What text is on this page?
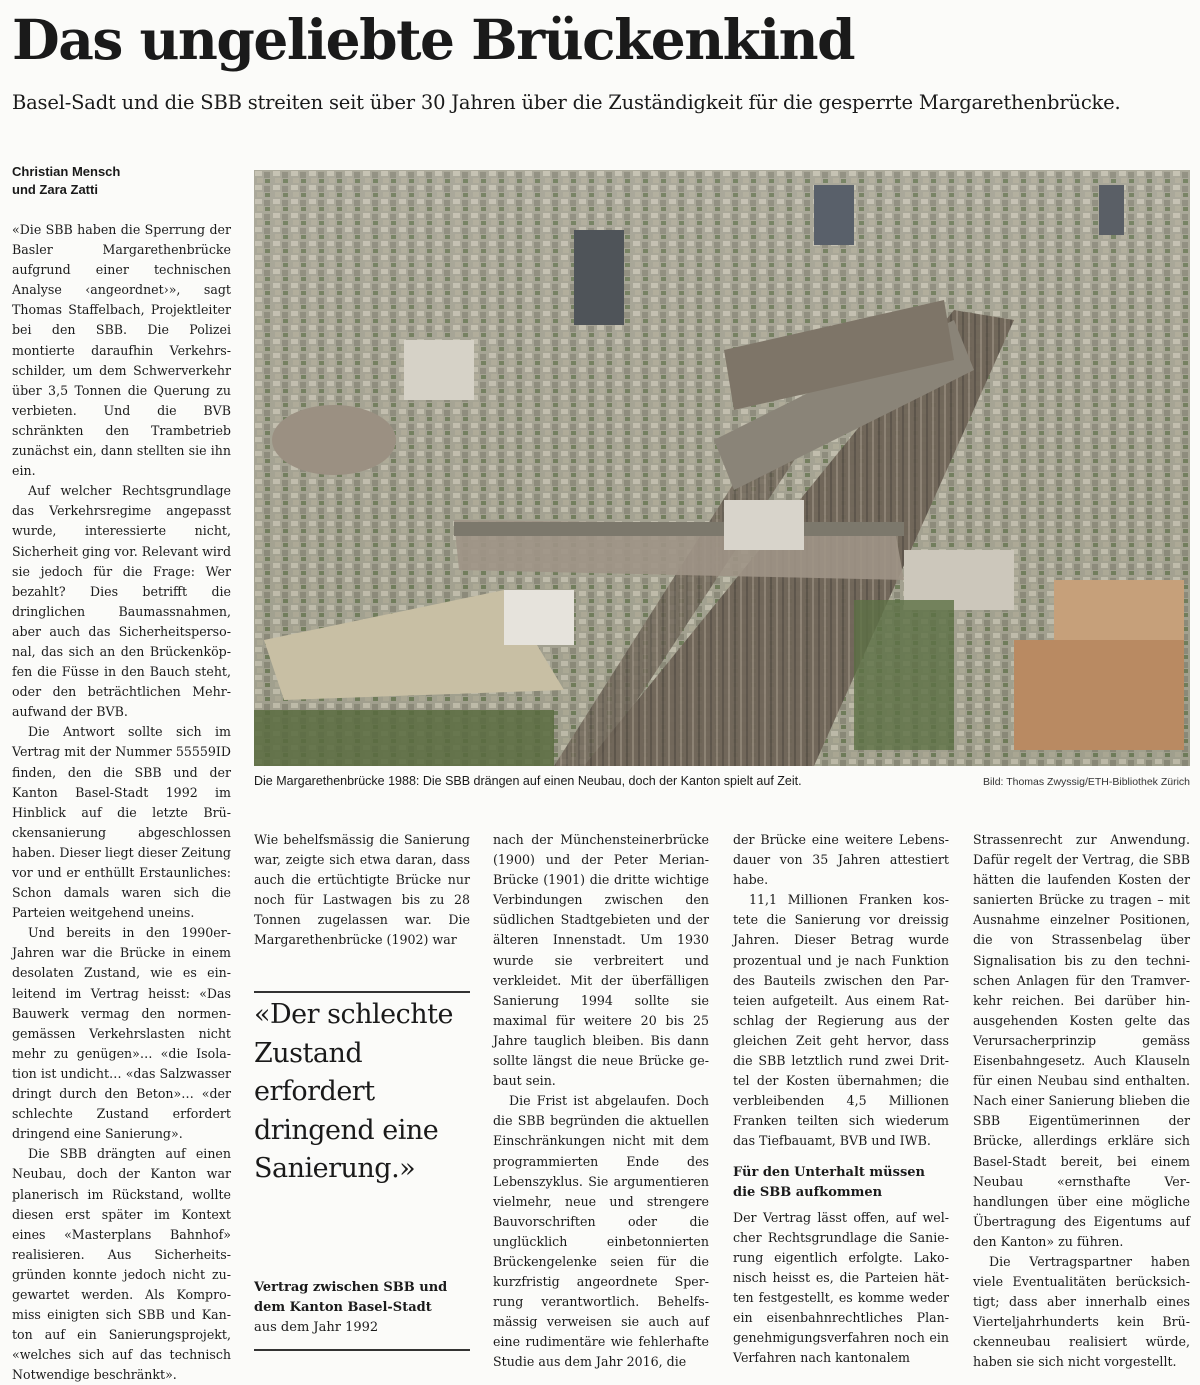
Das ungeliebte Brückenkind
Basel-Sadt und die SBB streiten seit über 30 Jahren über die Zuständigkeit für die gesperrte Margarethenbrücke.
Christian Mensch
und Zara Zatti

«Die SBB haben die Sperrung der Basler Margarethenbrücke aufgrund einer technischen Analyse ‹angeordnet›», sagt Thomas Staffelbach, Projektleiter bei den SBB. Die Polizei montierte daraufhin Verkehrsschilder, um dem Schwerverkehr über 3,5 Tonnen die Querung zu verbieten. Und die BVB schränkten den Trambetrieb zunächst ein, dann stellten sie ihn ein.

Auf welcher Rechtsgrundlage das Verkehrsregime angepasst wurde, interessierte nicht, Sicherheit ging vor. Relevant wird sie jedoch für die Frage: Wer bezahlt? Dies betrifft die dringlichen Baumassnahmen, aber auch das Sicherheitspersonal, das sich an den Brückenköpfen die Füsse in den Bauch steht, oder den beträchtlichen Mehraufwand der BVB.

Die Antwort sollte sich im Vertrag mit der Nummer 55559ID finden, den die SBB und der Kanton Basel-Stadt 1992 im Hinblick auf die letzte Brückensanierung abgeschlossen haben. Dieser liegt dieser Zeitung vor und er enthüllt Erstaunliches: Schon damals waren sich die Parteien weitgehend uneins.

Und bereits in den 1990er-Jahren war die Brücke in einem desolaten Zustand, wie es einleitend im Vertrag heisst: «Das Bauwerk vermag den normengemässen Verkehrslasten nicht mehr zu genügen»… «die Isolation ist undicht… «das Salzwasser dringt durch den Beton»… «der schlechte Zustand erfordert dringend eine Sanierung».

Die SBB drängten auf einen Neubau, doch der Kanton war planerisch im Rückstand, wollte diesen erst später im Kontext eines «Masterplans Bahnhof» realisieren. Aus Sicherheitsgründen konnte jedoch nicht zugewartet werden. Als Kompromiss einigten sich SBB und Kanton auf ein Sanierungsprojekt, «welches sich auf das technisch Notwendige beschränkt».

Die Margarethenbrücke 1988: Die SBB drängen auf einen Neubau, doch der Kanton spielt auf Zeit.	Bild: Thomas Zwyssig/ETH-Bibliothek Zürich

Wie behelfsmässig die Sanierung war, zeigte sich etwa daran, dass auch die ertüchtigte Brücke nur noch für Lastwagen bis zu 28 Tonnen zugelassen war. Die Margarethenbrücke (1902) war

«Der schlechte
Zustand
erfordert
dringend eine
Sanierung.»
Vertrag zwischen SBB und
dem Kanton Basel-Stadt
aus dem Jahr 1992

nach der Münchensteinerbrücke (1900) und der Peter Merian-Brücke (1901) die dritte wichtige Verbindungen zwischen den südlichen Stadtgebieten und der älteren Innenstadt. Um 1930 wurde sie verbreitert und verkleidet. Mit der überfälligen Sanierung 1994 sollte sie maximal für weitere 20 bis 25 Jahre tauglich bleiben. Bis dann sollte längst die neue Brücke gebaut sein.

Die Frist ist abgelaufen. Doch die SBB begründen die aktuellen Einschränkungen nicht mit dem programmierten Ende des Lebenszyklus. Sie argumentieren vielmehr, neue und strengere Bauvorschriften oder die unglücklich einbetonnierten Brückengelenke seien für die kurzfristig angeordnete Sperrung verantwortlich. Behelfsmässig verweisen sie auch auf eine rudimentäre wie fehlerhafte Studie aus dem Jahr 2016, die

der Brücke eine weitere Lebensdauer von 35 Jahren attestiert habe.

11,1 Millionen Franken kostete die Sanierung vor dreissig Jahren. Dieser Betrag wurde prozentual und je nach Funktion des Bauteils zwischen den Parteien aufgeteilt. Aus einem Ratschlag der Regierung aus der gleichen Zeit geht hervor, dass die SBB letztlich rund zwei Drittel der Kosten übernahmen; die verbleibenden 4,5 Millionen Franken teilten sich wiederum das Tiefbauamt, BVB und IWB.

Für den Unterhalt müssen
die SBB aufkommen

Der Vertrag lässt offen, auf welcher Rechtsgrundlage die Sanierung eigentlich erfolgte. Lakonisch heisst es, die Parteien hätten festgestellt, es komme weder ein eisenbahnrechtliches Plangenehmigungsverfahren noch ein Verfahren nach kantonalem

Strassenrecht zur Anwendung. Dafür regelt der Vertrag, die SBB hätten die laufenden Kosten der sanierten Brücke zu tragen – mit Ausnahme einzelner Positionen, die von Strassenbelag über Signalisation bis zu den technischen Anlagen für den Tramverkehr reichen. Bei darüber hinausgehenden Kosten gelte das Verursacherprinzip gemäss Eisenbahngesetz. Auch Klauseln für einen Neubau sind enthalten. Nach einer Sanierung blieben die SBB Eigentümerinnen der Brücke, allerdings erkläre sich Basel-Stadt bereit, bei einem Neubau «ernsthafte Verhandlungen über eine mögliche Übertragung des Eigentums auf den Kanton» zu führen.

Die Vertragspartner haben viele Eventualitäten berücksichtigt; dass aber innerhalb eines Vierteljahrhunderts kein Brückenneubau realisiert würde, haben sie sich nicht vorgestellt.
